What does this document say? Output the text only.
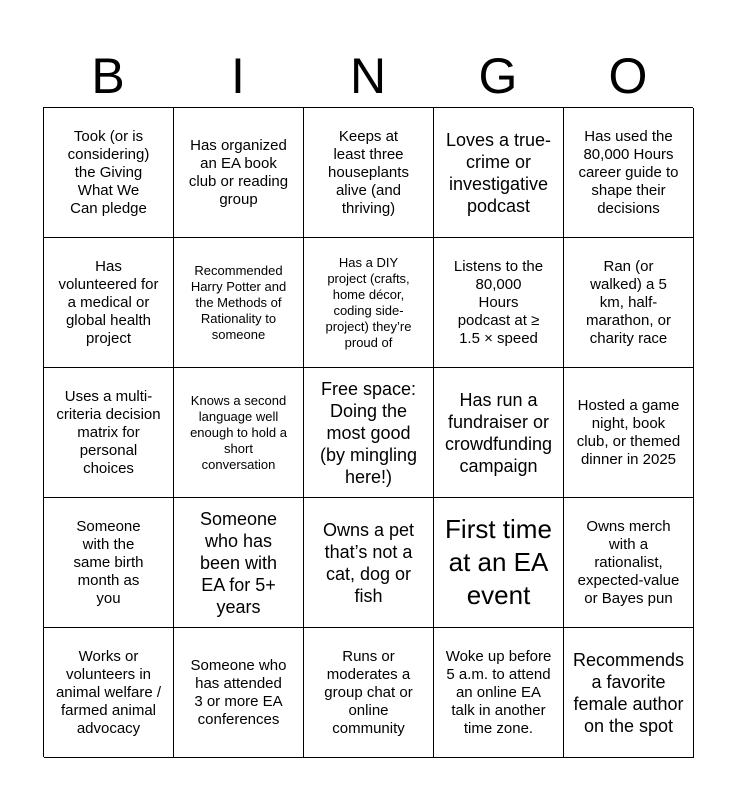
B	I	N	G	O
Took (or is considering) the Giving What We Can pledge
Has organized an EA book club or reading group
Keeps at least three houseplants alive (and thriving)
Loves a true-crime or investigative podcast
Has used the 80,000 Hours career guide to shape their decisions
Has volunteered for a medical or global health project
Recommended Harry Potter and the Methods of Rationality to someone
Has a DIY project (crafts, home décor, coding side-project) they’re proud of
Listens to the 80,000 Hours podcast at ≥ 1.5 × speed
Ran (or walked) a 5 km, half-marathon, or charity race
Uses a multi-criteria decision matrix for personal choices
Knows a second language well enough to hold a short conversation
Free space: Doing the most good (by mingling here!)
Has run a fundraiser or crowdfunding campaign
Hosted a game night, book club, or themed dinner in 2025
Someone with the same birth month as you
Someone who has been with EA for 5+ years
Owns a pet that’s not a cat, dog or fish
First time at an EA event
Owns merch with a rationalist, expected-value or Bayes pun
Works or volunteers in animal welfare / farmed animal advocacy
Someone who has attended 3 or more EA conferences
Runs or moderates a group chat or online community
Woke up before 5 a.m. to attend an online EA talk in another time zone.
Recommends a favorite female author on the spot
